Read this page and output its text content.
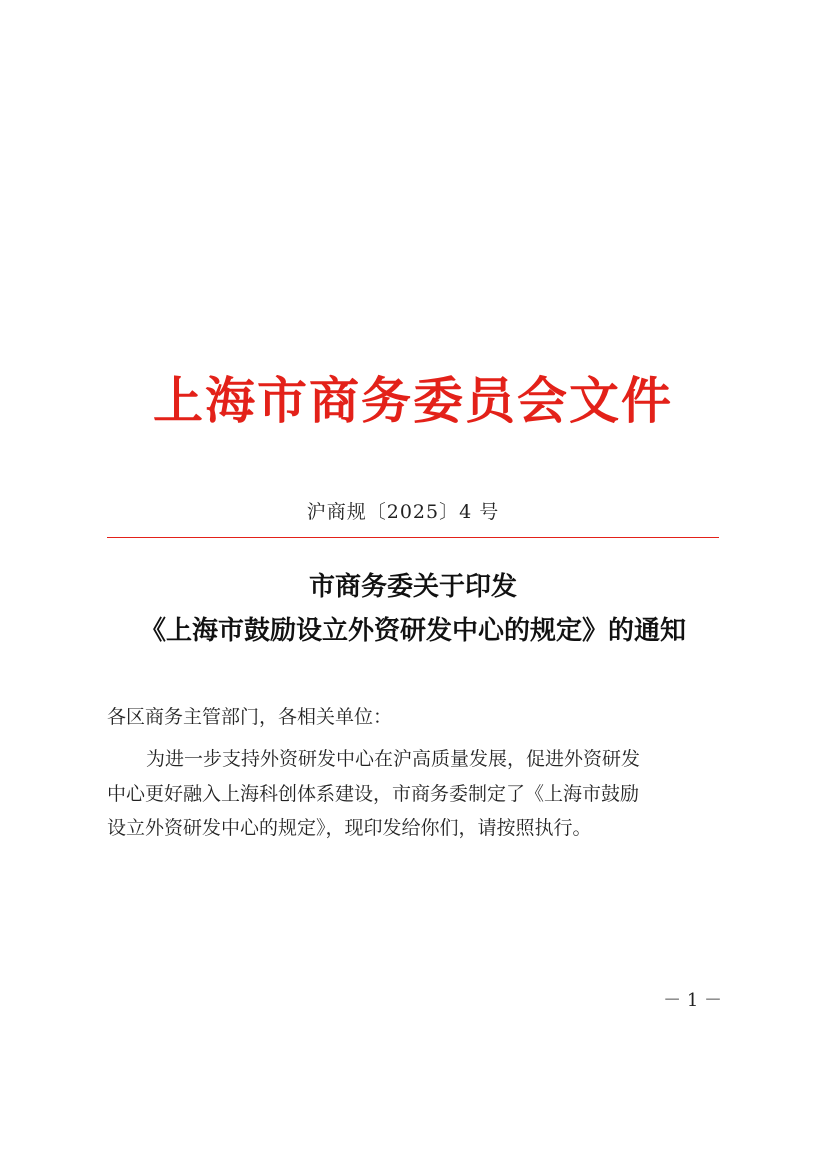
上海市商务委员会文件
沪商规〔2025〕4 号
市商务委关于印发
《上海市鼓励设立外资研发中心的规定》的通知
各区商务主管部门，各相关单位：
为进一步支持外资研发中心在沪高质量发展，促进外资研发
中心更好融入上海科创体系建设，市商务委制定了《上海市鼓励
设立外资研发中心的规定》，现印发给你们，请按照执行。
－ 1 －
